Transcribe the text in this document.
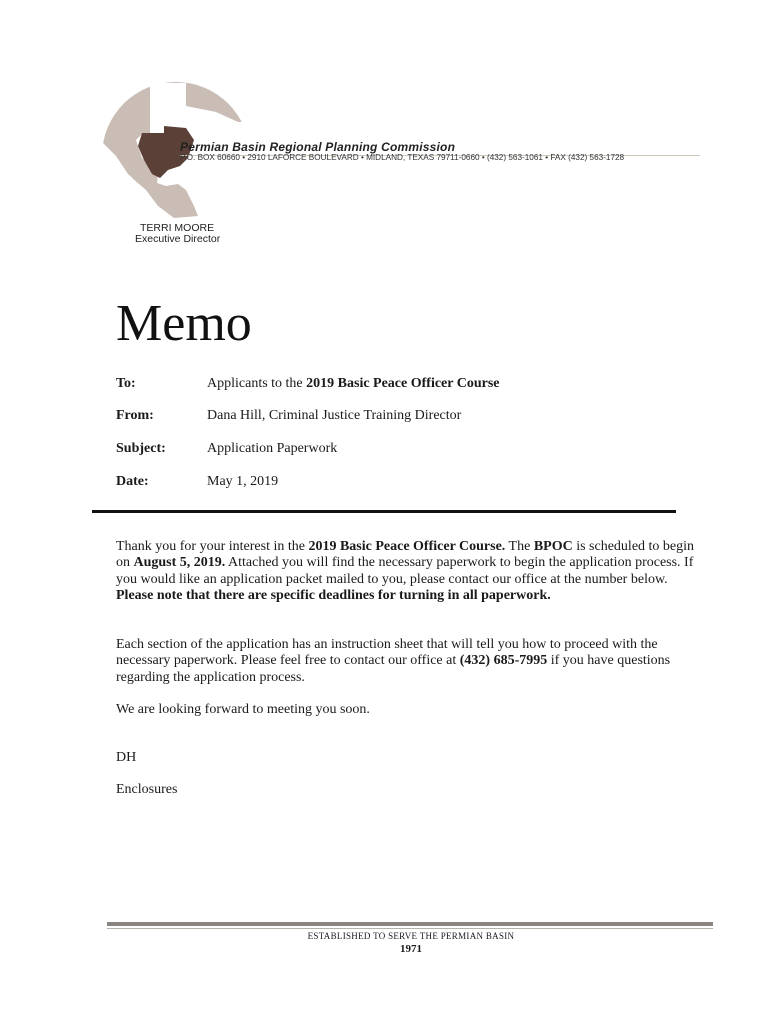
Permian Basin Regional Planning Commission
P.O. BOX 60660 • 2910 LAFORCE BOULEVARD • MIDLAND, TEXAS 79711-0660 • (432) 563-1061 • FAX (432) 563-1728
TERRI MOORE
Executive Director
Memo
To:	Applicants to the 2019 Basic Peace Officer Course
From:	Dana Hill, Criminal Justice Training Director
Subject:	Application Paperwork
Date:	May 1, 2019

Thank you for your interest in the 2019 Basic Peace Officer Course. The BPOC is scheduled to begin on August 5, 2019. Attached you will find the necessary paperwork to begin the application process. If you would like an application packet mailed to you, please contact our office at the number below. Please note that there are specific deadlines for turning in all paperwork.

Each section of the application has an instruction sheet that will tell you how to proceed with the necessary paperwork. Please feel free to contact our office at (432) 685-7995 if you have questions regarding the application process.

We are looking forward to meeting you soon.
DH
Enclosures
ESTABLISHED TO SERVE THE PERMIAN BASIN
1971
